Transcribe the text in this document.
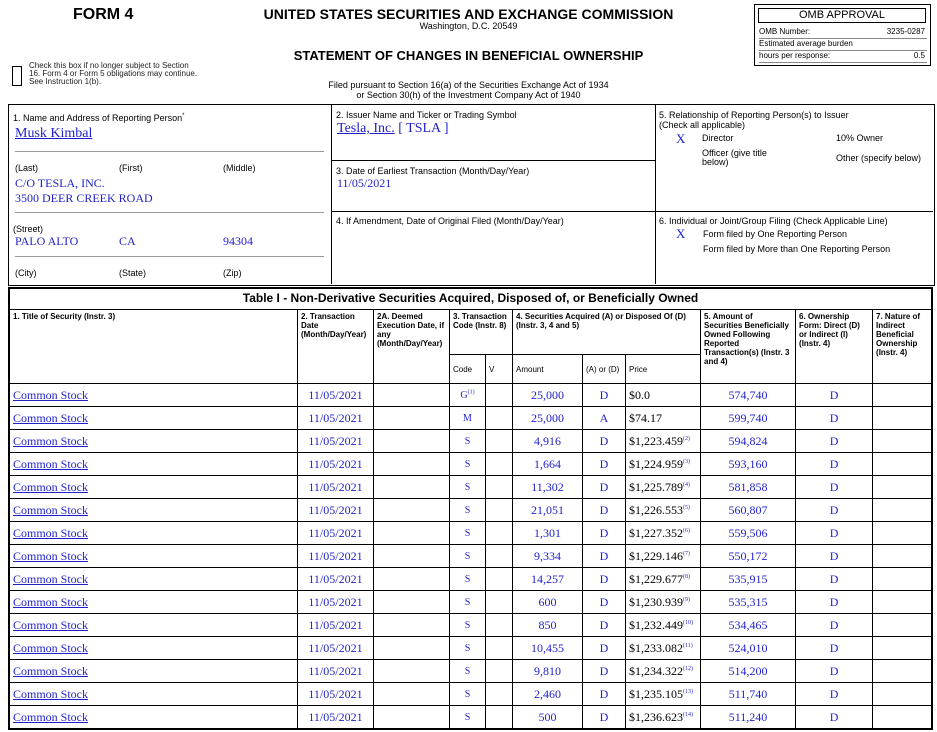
FORM 4	UNITED STATES SECURITIES AND EXCHANGE COMMISSION
Washington, D.C. 20549
STATEMENT OF CHANGES IN BENEFICIAL OWNERSHIP
Filed pursuant to Section 16(a) of the Securities Exchange Act of 1934
or Section 30(h) of the Investment Company Act of 1940
Check this box if no longer subject to Section 16. Form 4 or Form 5 obligations may continue. See Instruction 1(b).
OMB APPROVAL
OMB Number:	3235-0287
Estimated average burden
hours per response:	0.5
1. Name and Address of Reporting Person*
Musk Kimbal
(Last)	(First)	(Middle)
C/O TESLA, INC.
3500 DEER CREEK ROAD
(Street)
PALO ALTO	CA	94304
(City)	(State)	(Zip)
2. Issuer Name and Ticker or Trading Symbol
Tesla, Inc. [ TSLA ]
3. Date of Earliest Transaction (Month/Day/Year)
11/05/2021
4. If Amendment, Date of Original Filed (Month/Day/Year)
5. Relationship of Reporting Person(s) to Issuer
(Check all applicable)
X Director	10% Owner
Officer (give title
below)	Other (specify below)
6. Individual or Joint/Group Filing (Check Applicable Line)
X Form filed by One Reporting Person
Form filed by More than One Reporting Person
Table I - Non-Derivative Securities Acquired, Disposed of, or Beneficially Owned
1. Title of Security (Instr. 3)	2. Transaction Date (Month/Day/Year)	2A. Deemed Execution Date, if any (Month/Day/Year)	3. Transaction Code (Instr. 8)		4. Securities Acquired (A) or Disposed Of (D) (Instr. 3, 4 and 5)			5. Amount of Securities Beneficially Owned Following Reported Transaction(s) (Instr. 3 and 4)	6. Ownership Form: Direct (D) or Indirect (I) (Instr. 4)	7. Nature of Indirect Beneficial Ownership (Instr. 4)
			Code	V	Amount	(A) or (D)	Price			
Common Stock	11/05/2021		$G^{(1)}$		25,000	D	$0.0	574,740	D	
Common Stock	11/05/2021		M		25,000	A	$74.17	599,740	D	
Common Stock	11/05/2021		S		4,916	D	$1,223.459$^{(2)}$	594,824	D	
Common Stock	11/05/2021		S		1,664	D	$1,224.959$^{(3)}$	593,160	D	
Common Stock	11/05/2021		S		11,302	D	$1,225.789$^{(4)}$	581,858	D	
Common Stock	11/05/2021		S		21,051	D	$1,226.553$^{(5)}$	560,807	D	
Common Stock	11/05/2021		S		1,301	D	$1,227.352$^{(6)}$	559,506	D	
Common Stock	11/05/2021		S		9,334	D	$1,229.146$^{(7)}$	550,172	D	
Common Stock	11/05/2021		S		14,257	D	$1,229.677$^{(8)}$	535,915	D	
Common Stock	11/05/2021		S		600	D	$1,230.939$^{(9)}$	535,315	D	
Common Stock	11/05/2021		S		850	D	$1,232.449$^{(10)}$	534,465	D	
Common Stock	11/05/2021		S		10,455	D	$1,233.082$^{(11)}$	524,010	D	
Common Stock	11/05/2021		S		9,810	D	$1,234.322$^{(12)}$	514,200	D	
Common Stock	11/05/2021		S		2,460	D	$1,235.105$^{(13)}$	511,740	D	
Common Stock	11/05/2021		S		500	D	$1,236.623$^{(14)}$	511,240	D	
